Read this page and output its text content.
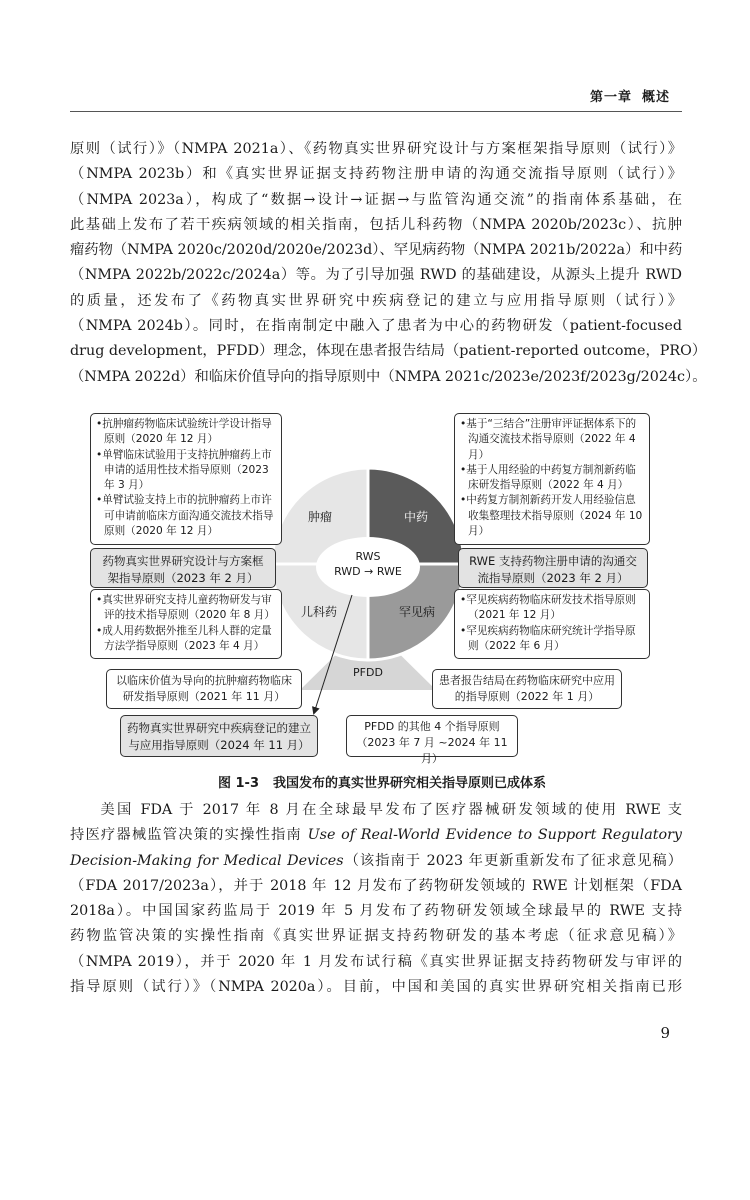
第一章 概述
原则（试行）》（NMPA 2021a）、《药物真实世界研究设计与方案框架指导原则（试行）》
（NMPA 2023b）和《真实世界证据支持药物注册申请的沟通交流指导原则（试行）》
（NMPA 2023a），构成了“数据→设计→证据→与监管沟通交流”的指南体系基础，在
此基础上发布了若干疾病领域的相关指南，包括儿科药物（NMPA 2020b/2023c）、抗肿
瘤药物（NMPA 2020c/2020d/2020e/2023d）、罕见病药物（NMPA 2021b/2022a）和中药
（NMPA 2022b/2022c/2024a）等。为了引导加强 RWD 的基础建设，从源头上提升 RWD
的质量，还发布了《药物真实世界研究中疾病登记的建立与应用指导原则（试行）》
（NMPA 2024b）。同时，在指南制定中融入了患者为中心的药物研发（patient-focused
drug development，PFDD）理念，体现在患者报告结局（patient-reported outcome，PRO）
（NMPA 2022d）和临床价值导向的指导原则中（NMPA 2021c/2023e/2023f/2023g/2024c）。
肿瘤	中药
儿科药	罕见病
RWS
RWD → RWE
PFDD
•抗肿瘤药物临床试验统计学设计指导原则（2020 年 12 月）
•单臂临床试验用于支持抗肿瘤药上市申请的适用性技术指导原则（2023 年 3 月）
•单臂试验支持上市的抗肿瘤药上市许可申请前临床方面沟通交流技术指导原则（2020 年 12 月）
•基于“三结合”注册审评证据体系下的沟通交流技术指导原则（2022 年 4 月）
•基于人用经验的中药复方制剂新药临床研发指导原则（2022 年 4 月）
•中药复方制剂新药开发人用经验信息收集整理技术指导原则（2024 年 10 月）
药物真实世界研究设计与方案框架指导原则（2023 年 2 月）
RWE 支持药物注册申请的沟通交流指导原则（2023 年 2 月）
•真实世界研究支持儿童药物研发与审评的技术指导原则（2020 年 8 月）
•成人用药数据外推至儿科人群的定量方法学指导原则（2023 年 4 月）
•罕见疾病药物临床研发技术指导原则（2021 年 12 月）
•罕见疾病药物临床研究统计学指导原则（2022 年 6 月）
以临床价值为导向的抗肿瘤药物临床研发指导原则（2021 年 11 月）
患者报告结局在药物临床研究中应用的指导原则（2022 年 1 月）
药物真实世界研究中疾病登记的建立与应用指导原则（2024 年 11 月）
PFDD 的其他 4 个指导原则（2023 年 7 月 ~2024 年 11 月）
图 1-3 我国发布的真实世界研究相关指导原则已成体系
美国 FDA 于 2017 年 8 月在全球最早发布了医疗器械研发领域的使用 RWE 支
持医疗器械监管决策的实操性指南 Use of Real-World Evidence to Support Regulatory
Decision-Making for Medical Devices（该指南于 2023 年更新重新发布了征求意见稿）
（FDA 2017/2023a），并于 2018 年 12 月发布了药物研发领域的 RWE 计划框架（FDA
2018a）。中国国家药监局于 2019 年 5 月发布了药物研发领域全球最早的 RWE 支持
药物监管决策的实操性指南《真实世界证据支持药物研发的基本考虑（征求意见稿）》
（NMPA 2019），并于 2020 年 1 月发布试行稿《真实世界证据支持药物研发与审评的
指导原则（试行）》（NMPA 2020a）。目前，中国和美国的真实世界研究相关指南已形
9
